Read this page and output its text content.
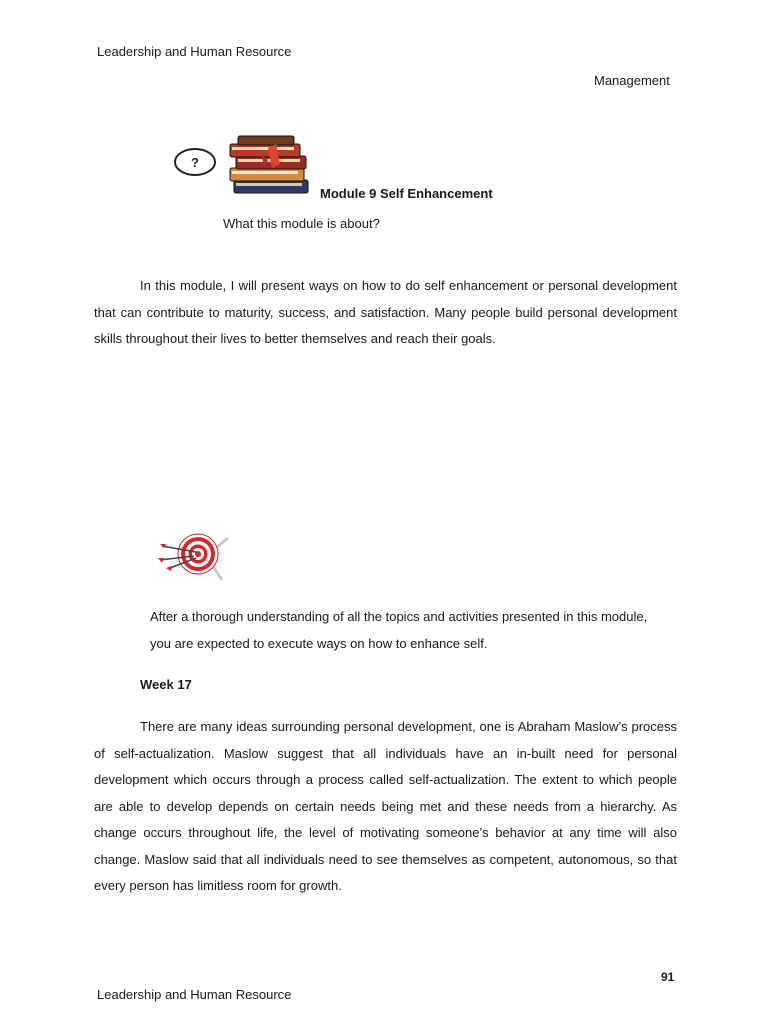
Leadership and Human Resource
Management
?
Module 9 Self Enhancement
What this module is about?
In this module, I will present ways on how to do self enhancement or personal development that can contribute to maturity, success, and satisfaction. Many people build personal development skills throughout their lives to better themselves and reach their goals.
After a thorough understanding of all the topics and activities presented in this module,
you are expected to execute ways on how to enhance self.
Week 17
There are many ideas surrounding personal development, one is Abraham Maslow’s process of self-actualization. Maslow suggest that all individuals have an in-built need for personal development which occurs through a process called self-actualization. The extent to which people are able to develop depends on certain needs being met and these needs from a hierarchy. As change occurs throughout life, the level of motivating someone’s behavior at any time will also change. Maslow said that all individuals need to see themselves as competent, autonomous, so that every person has limitless room for growth.
91
Leadership and Human Resource
